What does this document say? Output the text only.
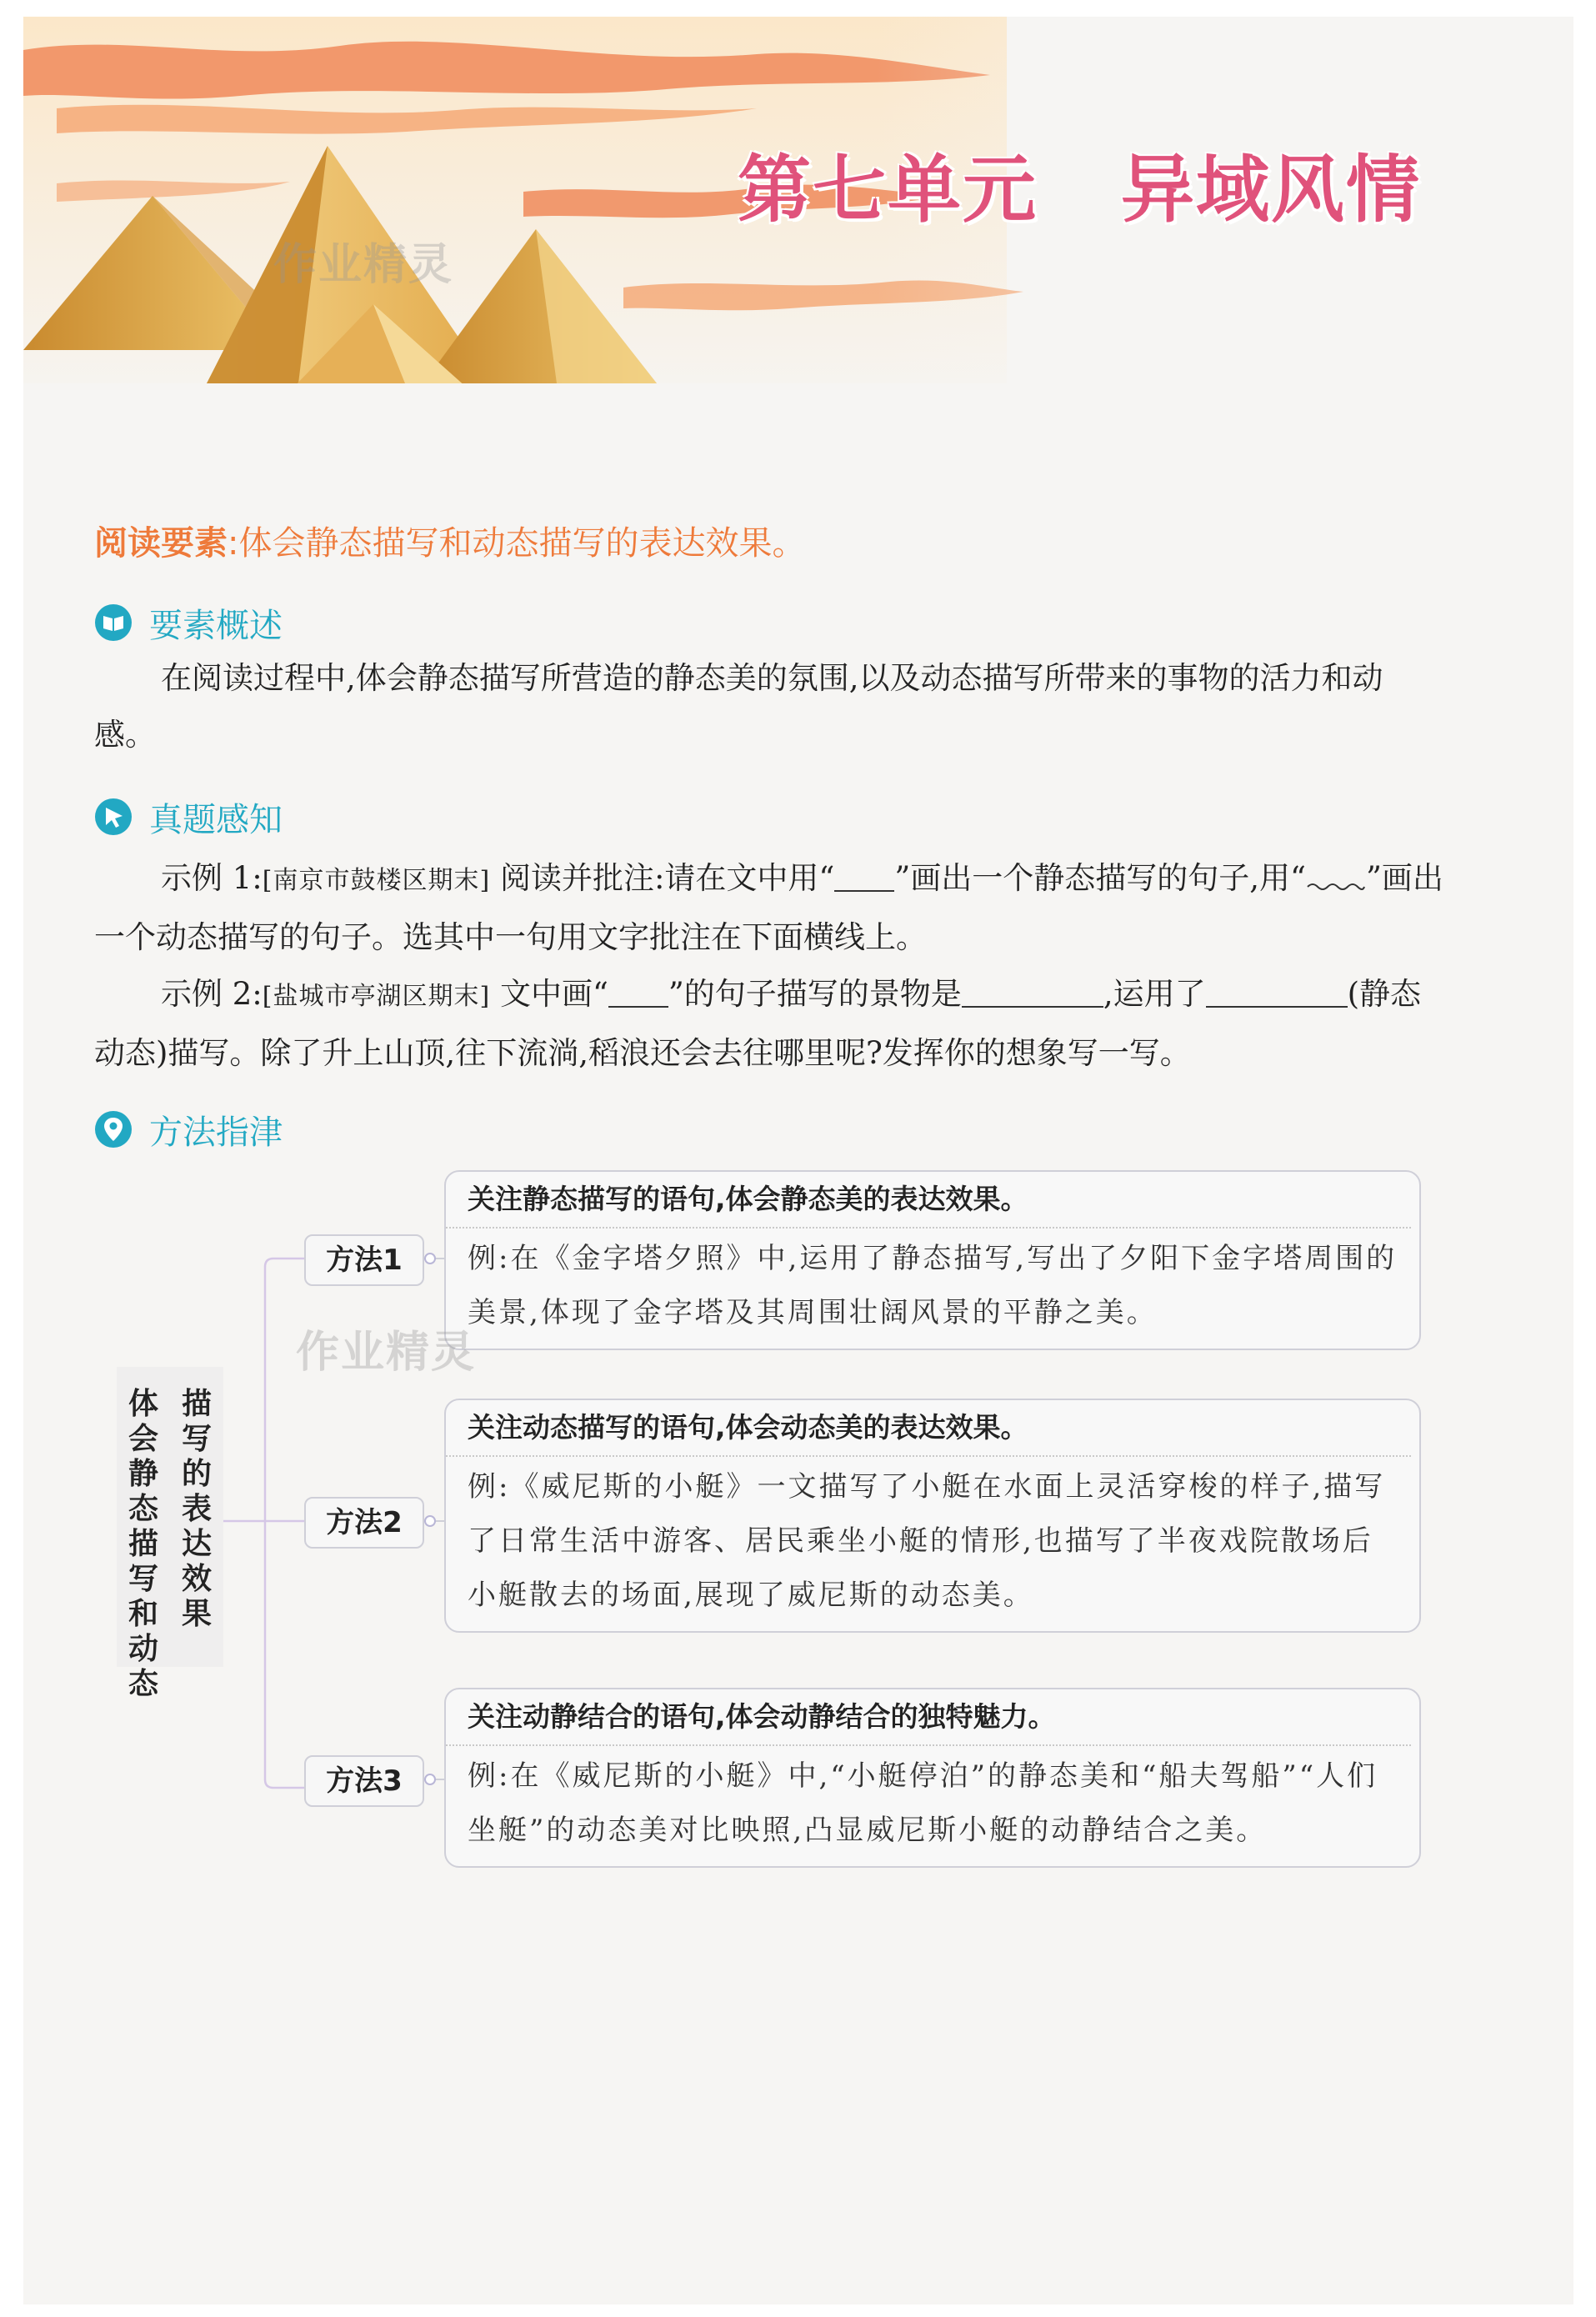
作业精灵
第七单元 异域风情
阅读要素:体会静态描写和动态描写的表达效果。
要素概述

在阅读过程中,体会静态描写所营造的静态美的氛围,以及动态描写所带来的事物的活力和动感。

真题感知

示例 1:[南京市鼓楼区期末] 阅读并批注:请在文中用“ ”画出一个静态描写的句子,用“ ”画出一个动态描写的句子。选其中一句用文字批注在下面横线上。

示例 2:[盐城市亭湖区期末] 文中画“ ”的句子描写的景物是	,运用了	(静态 动态)描写。除了升上山顶,往下流淌,稻浪还会去往哪里呢?发挥你的想象写一写。

方法指津
描写的表达效果
体会静态描写和动态
方法1
关注静态描写的语句,体会静态美的表达效果。
例:在《金字塔夕照》中,运用了静态描写,写出了夕阳下金字塔周围的美景,体现了金字塔及其周围壮阔风景的平静之美。
方法2
关注动态描写的语句,体会动态美的表达效果。
例:《威尼斯的小艇》一文描写了小艇在水面上灵活穿梭的样子,描写了日常生活中游客、居民乘坐小艇的情形,也描写了半夜戏院散场后小艇散去的场面,展现了威尼斯的动态美。
方法3
关注动静结合的语句,体会动静结合的独特魅力。
例:在《威尼斯的小艇》中,“小艇停泊”的静态美和“船夫驾船”“人们坐艇”的动态美对比映照,凸显威尼斯小艇的动静结合之美。
作业精灵
